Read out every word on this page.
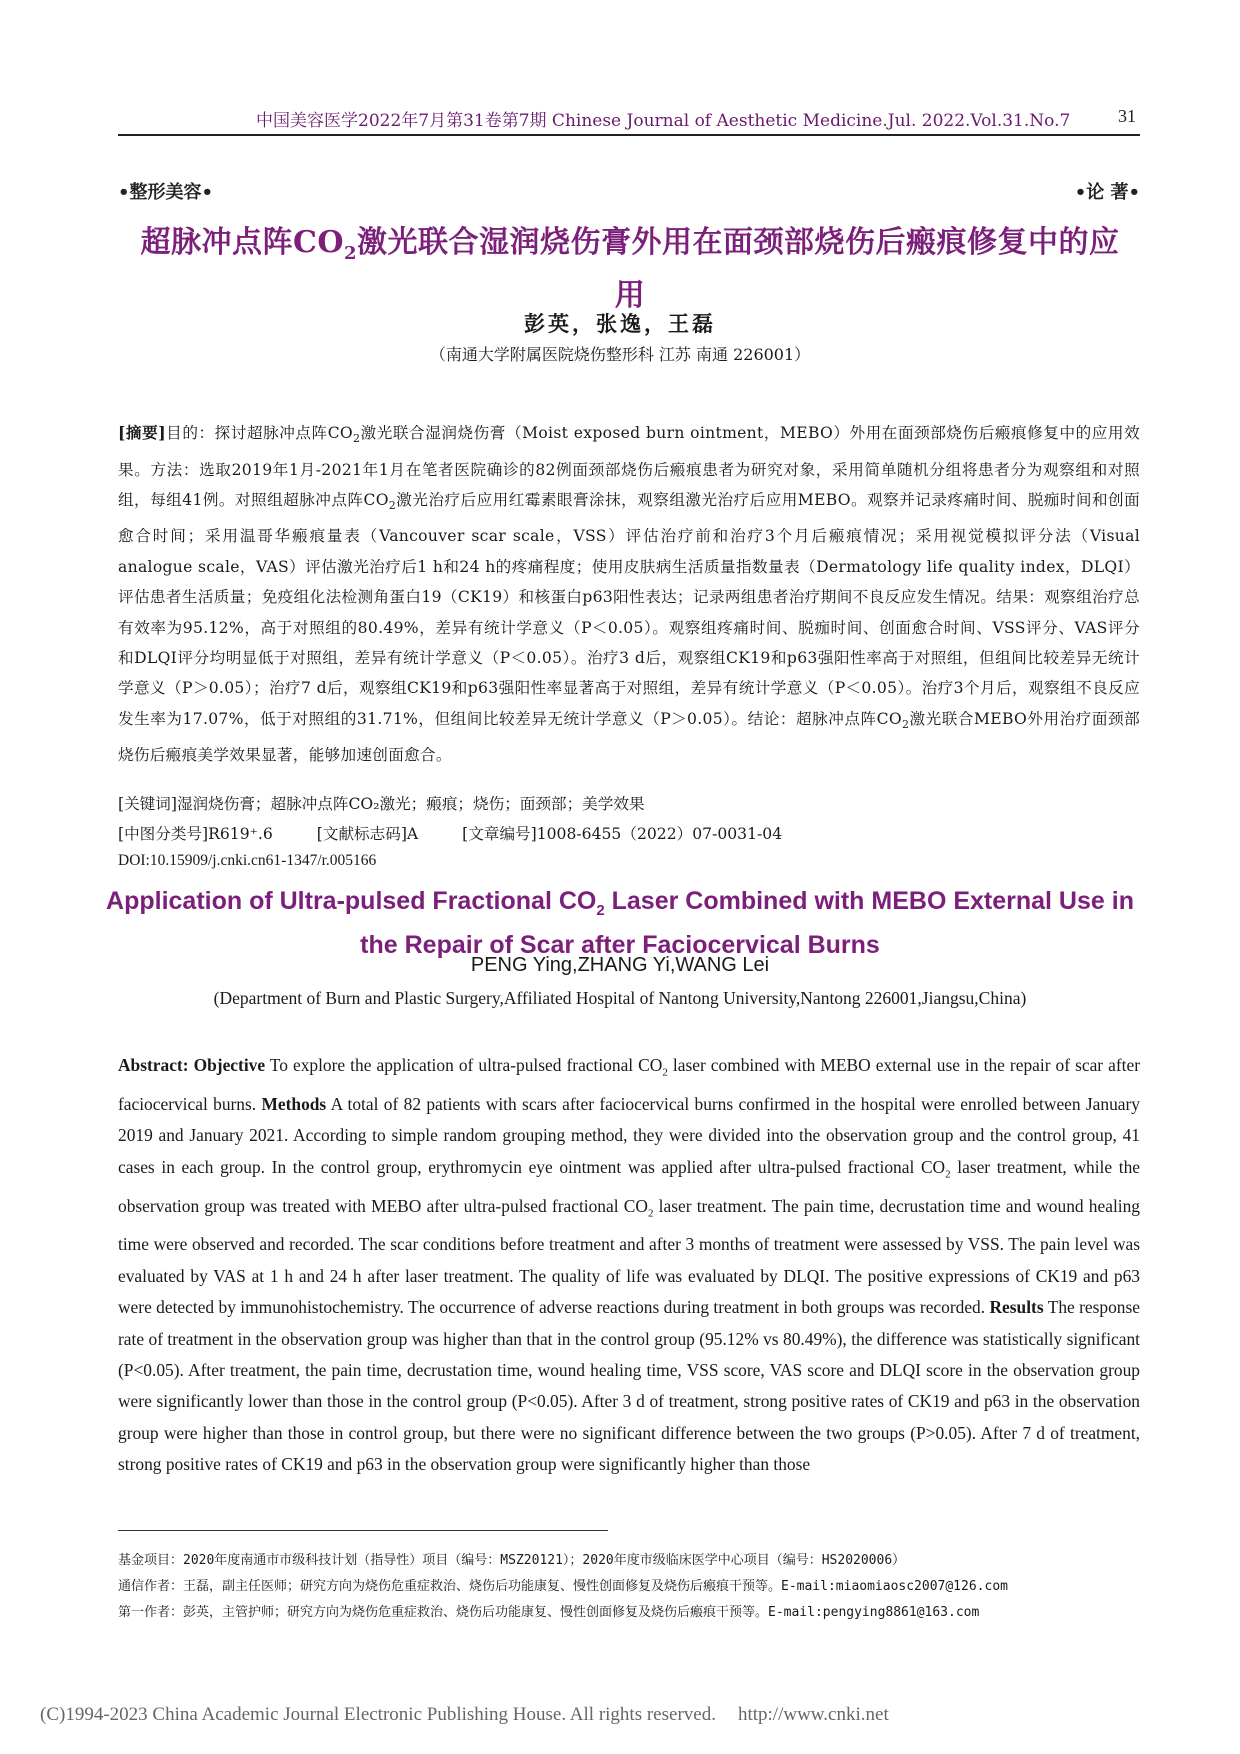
中国美容医学2022年7月第31卷第7期 Chinese Journal of Aesthetic Medicine.Jul. 2022.Vol.31.No.7	31
•整形美容•	•论 著•
超脉冲点阵$CO_2$激光联合湿润烧伤膏外用在面颈部烧伤后瘢痕修复中的应用
彭英，张逸，王磊
（南通大学附属医院烧伤整形科 江苏 南通 226001）
[摘要]目的：探讨超脉冲点阵$CO_2$激光联合湿润烧伤膏（Moist exposed burn ointment，MEBO）外用在面颈部烧伤后瘢痕修复中的应用效果。方法：选取2019年1月-2021年1月在笔者医院确诊的82例面颈部烧伤后瘢痕患者为研究对象，采用简单随机分组将患者分为观察组和对照组，每组41例。对照组超脉冲点阵$CO_2$激光治疗后应用红霉素眼膏涂抹，观察组激光治疗后应用MEBO。观察并记录疼痛时间、脱痂时间和创面愈合时间；采用温哥华瘢痕量表（Vancouver scar scale，VSS）评估治疗前和治疗3个月后瘢痕情况；采用视觉模拟评分法（Visual analogue scale，VAS）评估激光治疗后1 h和24 h的疼痛程度；使用皮肤病生活质量指数量表（Dermatology life quality index，DLQI）评估患者生活质量；免疫组化法检测角蛋白19（CK19）和核蛋白p63阳性表达；记录两组患者治疗期间不良反应发生情况。结果：观察组治疗总有效率为95.12%，高于对照组的80.49%，差异有统计学意义（P＜0.05）。观察组疼痛时间、脱痂时间、创面愈合时间、VSS评分、VAS评分和DLQI评分均明显低于对照组，差异有统计学意义（P＜0.05）。治疗3 d后，观察组CK19和p63强阳性率高于对照组，但组间比较差异无统计学意义（P＞0.05）；治疗7 d后，观察组CK19和p63强阳性率显著高于对照组，差异有统计学意义（P＜0.05）。治疗3个月后，观察组不良反应发生率为17.07%，低于对照组的31.71%，但组间比较差异无统计学意义（P＞0.05）。结论：超脉冲点阵$CO_2$激光联合MEBO外用治疗面颈部烧伤后瘢痕美学效果显著，能够加速创面愈合。
[关键词]湿润烧伤膏；超脉冲点阵CO₂激光；瘢痕；烧伤；面颈部；美学效果
[中图分类号]R619⁺.6	[文献标志码]A	[文章编号]1008-6455（2022）07-0031-04
DOI:10.15909/j.cnki.cn61-1347/r.005166
Application of Ultra-pulsed Fractional $CO_2$ Laser Combined with MEBO External Use in the Repair of Scar after Faciocervical Burns
PENG Ying,ZHANG Yi,WANG Lei
(Department of Burn and Plastic Surgery,Affiliated Hospital of Nantong University,Nantong 226001,Jiangsu,China)
Abstract: Objective To explore the application of ultra-pulsed fractional $CO_2$ laser combined with MEBO external use in the repair of scar after faciocervical burns. Methods A total of 82 patients with scars after faciocervical burns confirmed in the hospital were enrolled between January 2019 and January 2021. According to simple random grouping method, they were divided into the observation group and the control group, 41 cases in each group. In the control group, erythromycin eye ointment was applied after ultra-pulsed fractional $CO_2$ laser treatment, while the observation group was treated with MEBO after ultra-pulsed fractional $CO_2$ laser treatment. The pain time, decrustation time and wound healing time were observed and recorded. The scar conditions before treatment and after 3 months of treatment were assessed by VSS. The pain level was evaluated by VAS at 1 h and 24 h after laser treatment. The quality of life was evaluated by DLQI. The positive expressions of CK19 and p63 were detected by immunohistochemistry. The occurrence of adverse reactions during treatment in both groups was recorded. Results The response rate of treatment in the observation group was higher than that in the control group (95.12% vs 80.49%), the difference was statistically significant (P<0.05). After treatment, the pain time, decrustation time, wound healing time, VSS score, VAS score and DLQI score in the observation group were significantly lower than those in the control group (P<0.05). After 3 d of treatment, strong positive rates of CK19 and p63 in the observation group were higher than those in control group, but there were no significant difference between the two groups (P>0.05). After 7 d of treatment, strong positive rates of CK19 and p63 in the observation group were significantly higher than those
基金项目：2020年度南通市市级科技计划（指导性）项目（编号：MSZ20121）；2020年度市级临床医学中心项目（编号：HS2020006）
通信作者：王磊，副主任医师；研究方向为烧伤危重症救治、烧伤后功能康复、慢性创面修复及烧伤后瘢痕干预等。E-mail:miaomiaosc2007@126.com
第一作者：彭英，主管护师；研究方向为烧伤危重症救治、烧伤后功能康复、慢性创面修复及烧伤后瘢痕干预等。E-mail:pengying8861@163.com
(C)1994-2023 China Academic Journal Electronic Publishing House. All rights reserved. http://www.cnki.net
